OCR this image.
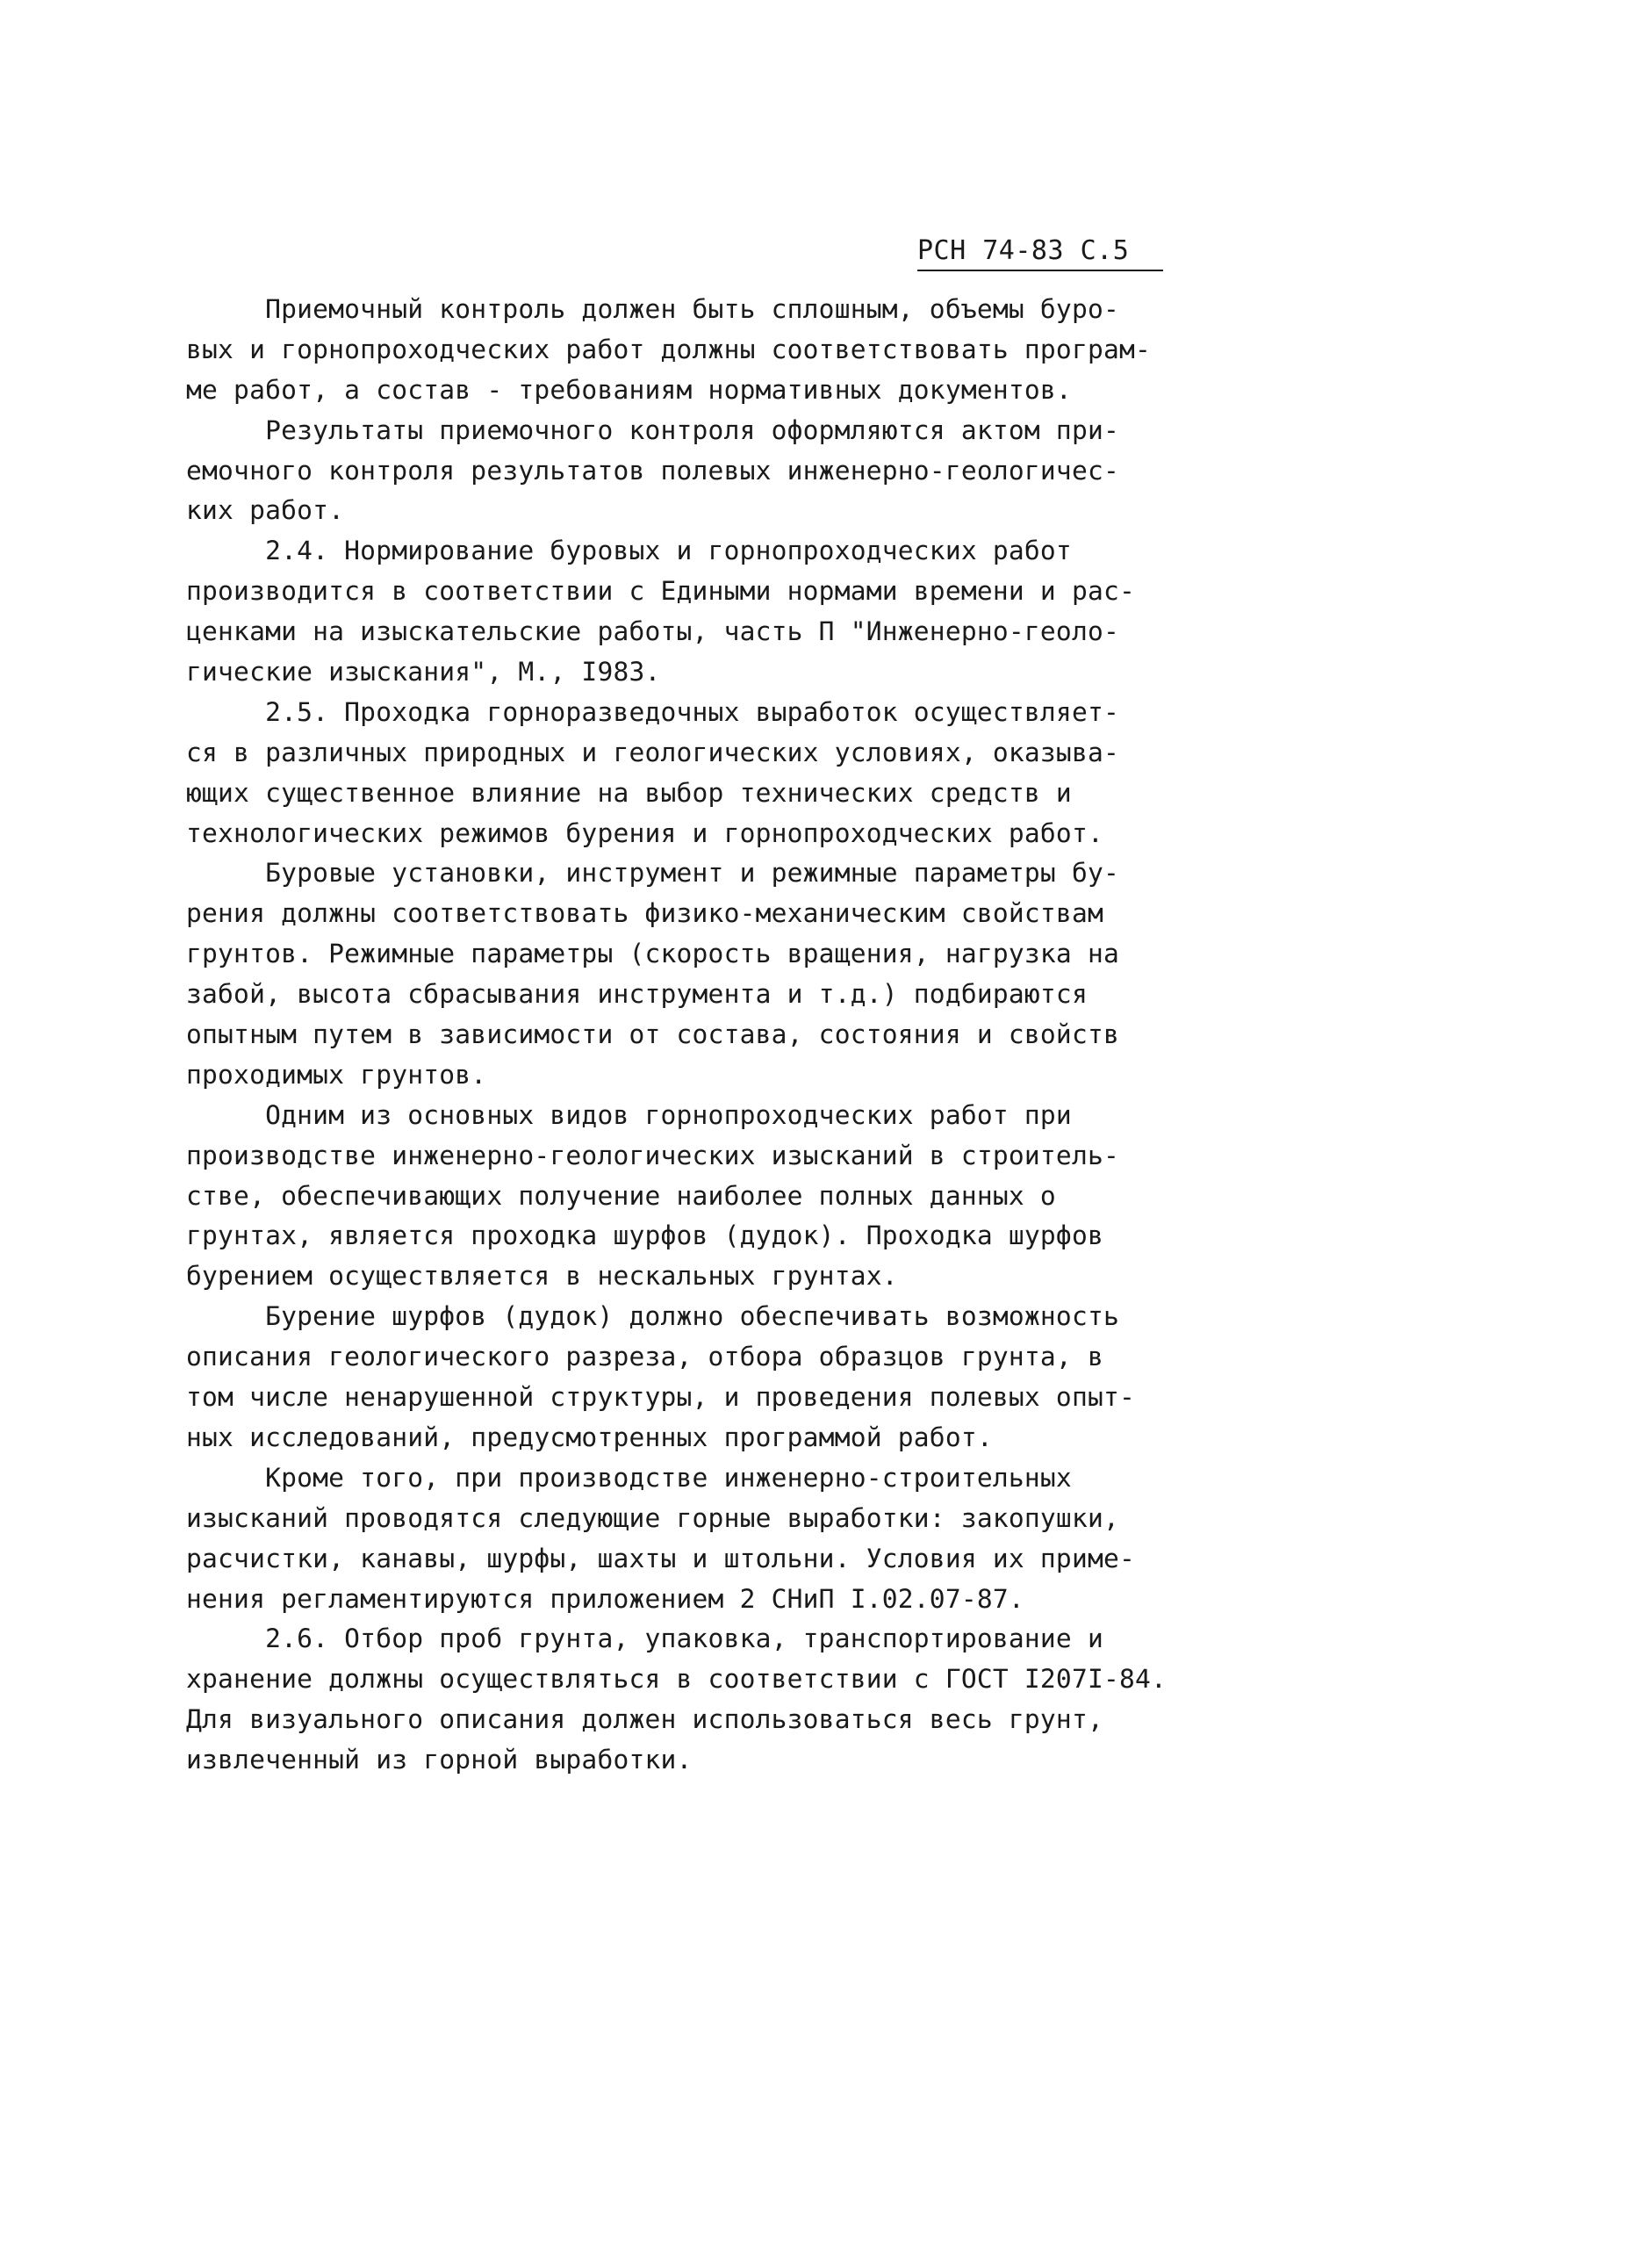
РСН 74-83 С.5
Приемочный контроль должен быть сплошным, объемы буро-
вых и горнопроходческих работ должны соответствовать програм-
ме работ, а состав - требованиям нормативных документов.
Результаты приемочного контроля оформляются актом при-
емочного контроля результатов полевых инженерно-геологичес-
ких работ.
2.4. Нормирование буровых и горнопроходческих работ
производится в соответствии с Едиными нормами времени и рас-
ценками на изыскательские работы, часть П "Инженерно-геоло-
гические изыскания", М., I983.
2.5. Проходка горноразведочных выработок осуществляет-
ся в различных природных и геологических условиях, оказыва-
ющих существенное влияние на выбор технических средств и
технологических режимов бурения и горнопроходческих работ.
Буровые установки, инструмент и режимные параметры бу-
рения должны соответствовать физико-механическим свойствам
грунтов. Режимные параметры (скорость вращения, нагрузка на
забой, высота сбрасывания инструмента и т.д.) подбираются
опытным путем в зависимости от состава, состояния и свойств
проходимых грунтов.
Одним из основных видов горнопроходческих работ при
производстве инженерно-геологических изысканий в строитель-
стве, обеспечивающих получение наиболее полных данных о
грунтах, является проходка шурфов (дудок). Проходка шурфов
бурением осуществляется в нескальных грунтах.
Бурение шурфов (дудок) должно обеспечивать возможность
описания геологического разреза, отбора образцов грунта, в
том числе ненарушенной структуры, и проведения полевых опыт-
ных исследований, предусмотренных программой работ.
Кроме того, при производстве инженерно-строительных
изысканий проводятся следующие горные выработки: закопушки,
расчистки, канавы, шурфы, шахты и штольни. Условия их приме-
нения регламентируются приложением 2 СНиП I.02.07-87.
2.6. Отбор проб грунта, упаковка, транспортирование и
хранение должны осуществляться в соответствии с ГОСТ I207I-84.
Для визуального описания должен использоваться весь грунт,
извлеченный из горной выработки.
